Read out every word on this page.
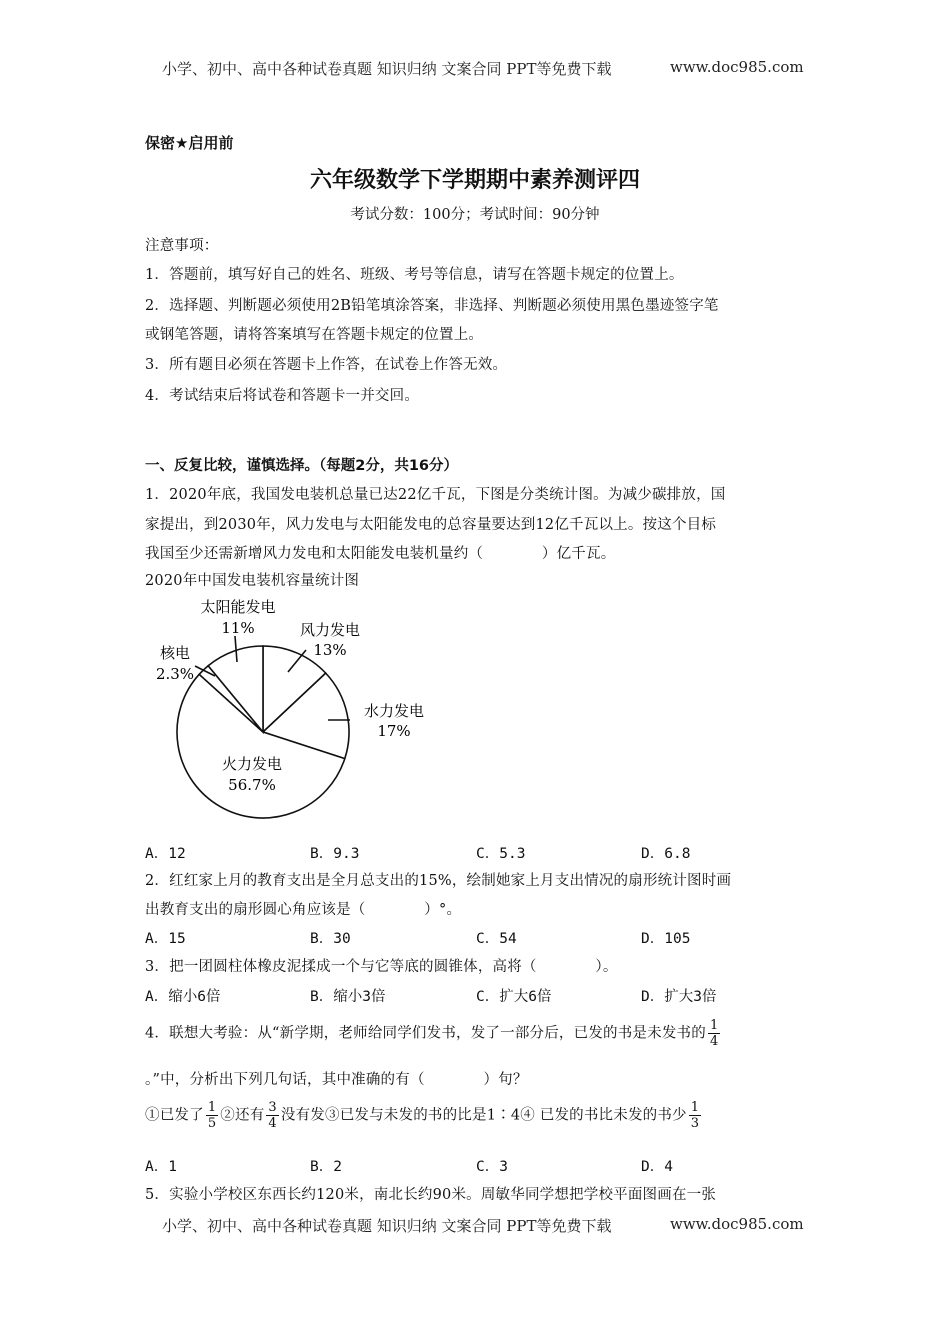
小学、初中、高中各种试卷真题 知识归纳 文案合同 PPT等免费下载	www.doc985.com
保密★启用前
六年级数学下学期期中素养测评四
考试分数：100分；考试时间：90分钟
注意事项：
1．答题前，填写好自己的姓名、班级、考号等信息，请写在答题卡规定的位置上。
2．选择题、判断题必须使用2B铅笔填涂答案，非选择、判断题必须使用黑色墨迹签字笔
或钢笔答题，请将答案填写在答题卡规定的位置上。
3．所有题目必须在答题卡上作答，在试卷上作答无效。
4．考试结束后将试卷和答题卡一并交回。
一、反复比较，谨慎选择。（每题2分，共16分）
1．2020年底，我国发电装机总量已达22亿千瓦，下图是分类统计图。为减少碳排放，国
家提出，到2030年，风力发电与太阳能发电的总容量要达到12亿千瓦以上。按这个目标
我国至少还需新增风力发电和太阳能发电装机量约（　　　　）亿千瓦。
2020年中国发电装机容量统计图
太阳能发电
11%	风力发电
13%
水力发电
17%
核电
2.3%
火力发电
56.7%
A．12	B．9.3	C．5.3	D．6.8
2．红红家上月的教育支出是全月总支出的15%，绘制她家上月支出情况的扇形统计图时画
出教育支出的扇形圆心角应该是（　　　　）°。
A．15	B．30	C．54	D．105
3．把一团圆柱体橡皮泥揉成一个与它等底的圆锥体，高将（　　　　）。
A．缩小6倍	B．缩小3倍	C．扩大6倍	D．扩大3倍
4．联想大考验：从“新学期，老师给同学们发书，发了一部分后，已发的书是未发书的 $\frac{1}{4}$
。”中，分析出下列几句话，其中准确的有（　　　　）句？
①已发了 $\frac{1}{5}$ ②还有 $\frac{3}{4}$ 没有发③已发与未发的书的比是1∶4④ 已发的书比未发的书少 $\frac{1}{3}$
A．1	B．2	C．3	D．4
5．实验小学校区东西长约120米，南北长约90米。周敏华同学想把学校平面图画在一张
小学、初中、高中各种试卷真题 知识归纳 文案合同 PPT等免费下载	www.doc985.com
